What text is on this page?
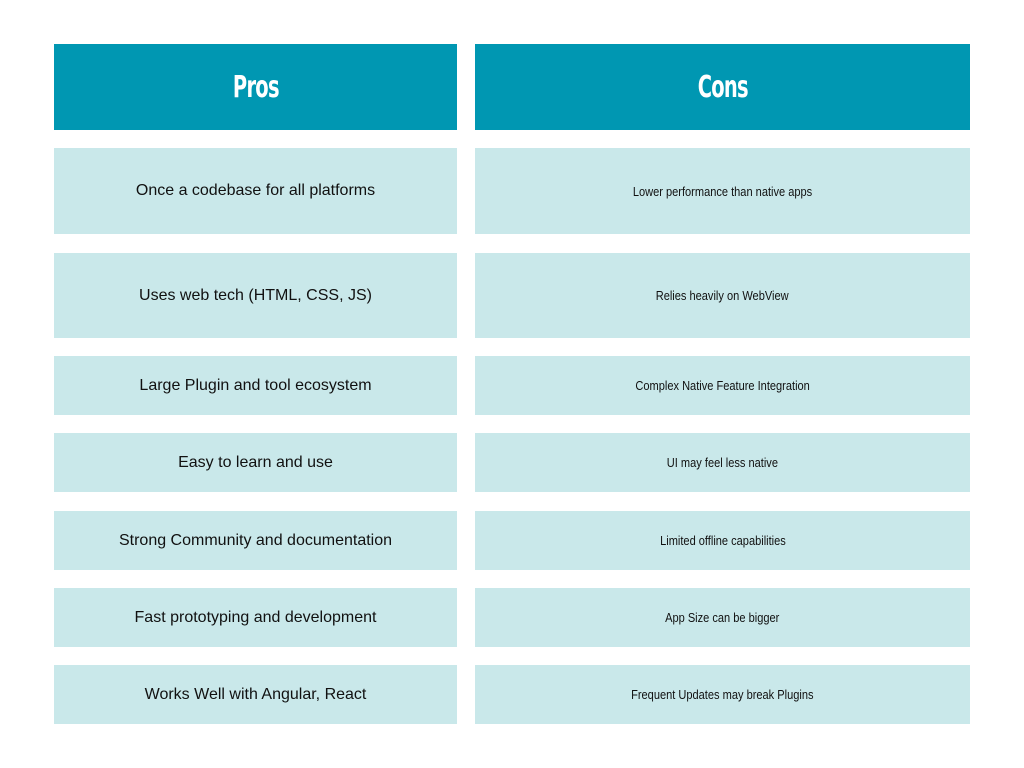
Pros	Cons
Once a codebase for all platforms	Lower performance than native apps
Uses web tech (HTML, CSS, JS)	Relies heavily on WebView
Large Plugin and tool ecosystem	Complex Native Feature Integration
Easy to learn and use	UI may feel less native
Strong Community and documentation	Limited offline capabilities
Fast prototyping and development	App Size can be bigger
Works Well with Angular, React	Frequent Updates may break Plugins
